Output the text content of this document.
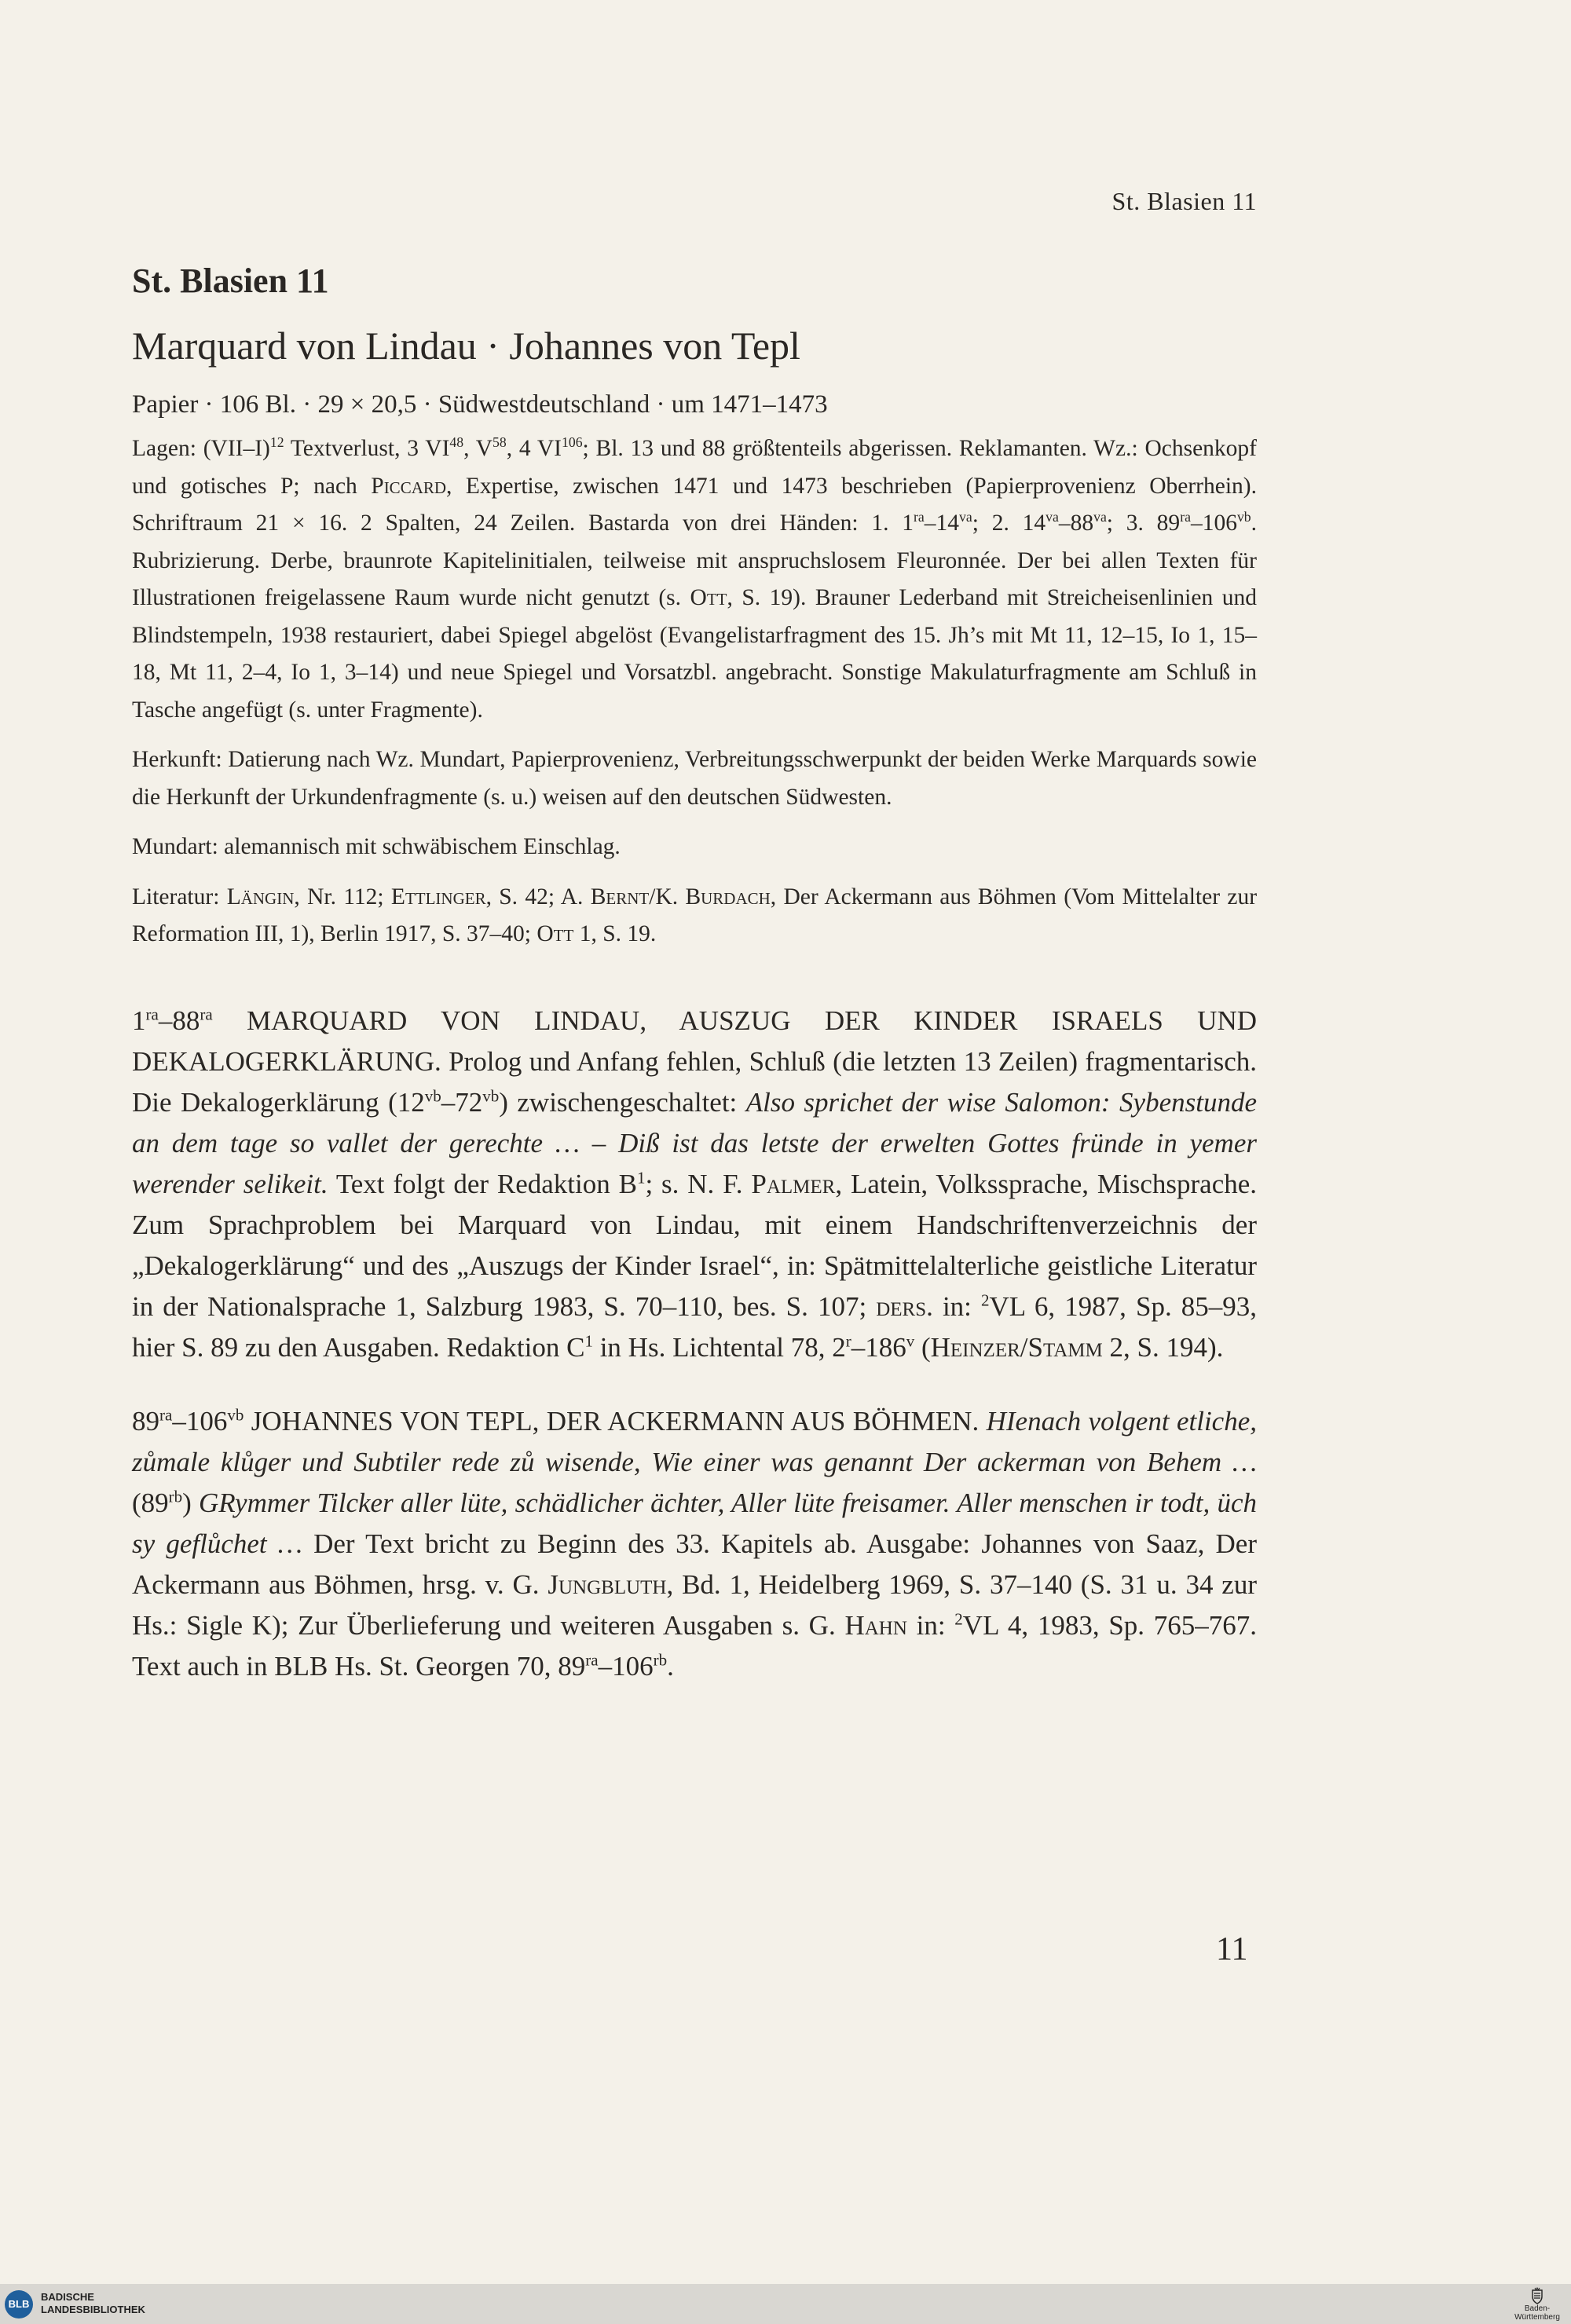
St. Blasien 11
St. Blasien 11
Marquard von Lindau · Johannes von Tepl

Papier · 106 Bl. · 29 × 20,5 · Südwestdeutschland · um 1471–1473

Lagen: $(VII-I)^{12}$ Textverlust, 3 VI$^{48}$, $V^{58}$, 4 VI$^{106}$; Bl. 13 und 88 größtenteils abgerissen. Reklamanten. Wz.: Ochsenkopf und gotisches P; nach Piccard, Expertise, zwischen 1471 und 1473 beschrieben (Papierprovenienz Oberrhein). Schriftraum 21 × 16. 2 Spalten, 24 Zeilen. Bastarda von drei Händen: 1. $1^{ra}-14^{va}$; 2. $14^{va}-88^{va}$; 3. $89^{ra}-106^{vb}$. Rubrizierung. Derbe, braunrote Kapitelinitialen, teilweise mit anspruchslosem Fleuronnée. Der bei allen Texten für Illustrationen freigelassene Raum wurde nicht genutzt (s. Ott, S. 19). Brauner Lederband mit Streicheisenlinien und Blindstempeln, 1938 restauriert, dabei Spiegel abgelöst (Evangelistarfragment des 15. Jh’s mit Mt 11, 12–15, Io 1, 15–18, Mt 11, 2–4, Io 1, 3–14) und neue Spiegel und Vorsatzbl. angebracht. Sonstige Makulaturfragmente am Schluß in Tasche angefügt (s. unter Fragmente).

Herkunft: Datierung nach Wz. Mundart, Papierprovenienz, Verbreitungsschwerpunkt der beiden Werke Marquards sowie die Herkunft der Urkundenfragmente (s. u.) weisen auf den deutschen Südwesten.

Mundart: alemannisch mit schwäbischem Einschlag.

Literatur: Längin, Nr. 112; Ettlinger, S. 42; A. Bernt/K. Burdach, Der Ackermann aus Böhmen (Vom Mittelalter zur Reformation III, 1), Berlin 1917, S. 37–40; Ott 1, S. 19.

$1^{ra}-88^{ra}$ MARQUARD VON LINDAU, AUSZUG DER KINDER ISRAELS UND DEKALOGERKLÄRUNG. Prolog und Anfang fehlen, Schluß (die letzten 13 Zeilen) fragmentarisch. Die Dekalogerklärung $(12^{vb}-72^{vb})$ zwischengeschaltet: Also sprichet der wise Salomon: Sybenstunde an dem tage so vallet der gerechte … – Diß ist das letste der erwelten Gottes fründe in yemer werender selikeit. Text folgt der Redaktion $B^1$; s. N. F. Palmer, Latein, Volkssprache, Mischsprache. Zum Sprachproblem bei Marquard von Lindau, mit einem Handschriftenverzeichnis der „Dekalogerklärung“ und des „Auszugs der Kinder Israel“, in: Spätmittelalterliche geistliche Literatur in der Nationalsprache 1, Salzburg 1983, S. 70–110, bes. S. 107; ders. in: $^2$VL 6, 1987, Sp. 85–93, hier S. 89 zu den Ausgaben. Redaktion $C^1$ in Hs. Lichtental 78, 2$^r$–186$^v$ (Heinzer/Stamm 2, S. 194).

$89^{ra}-106^{vb}$ JOHANNES VON TEPL, DER ACKERMANN AUS BÖHMEN. HIenach volgent etliche, zůmale klůger und Subtiler rede zů wisende, Wie einer was genannt Der ackerman von Behem … $(89^{rb})$ GRymmer Tilcker aller lüte, schädlicher ächter, Aller lüte freisamer. Aller menschen ir todt, üch sy geflůchet … Der Text bricht zu Beginn des 33. Kapitels ab. Ausgabe: Johannes von Saaz, Der Ackermann aus Böhmen, hrsg. v. G. Jungbluth, Bd. 1, Heidelberg 1969, S. 37–140 (S. 31 u. 34 zur Hs.: Sigle K); Zur Überlieferung und weiteren Ausgaben s. G. Hahn in: $^2$VL 4, 1983, Sp. 765–767. Text auch in BLB Hs. St. Georgen 70, $89^{ra}-106^{rb}$.

11
BLB
BADISCHE
LANDESBIBLIOTHEK	Baden-Württemberg
